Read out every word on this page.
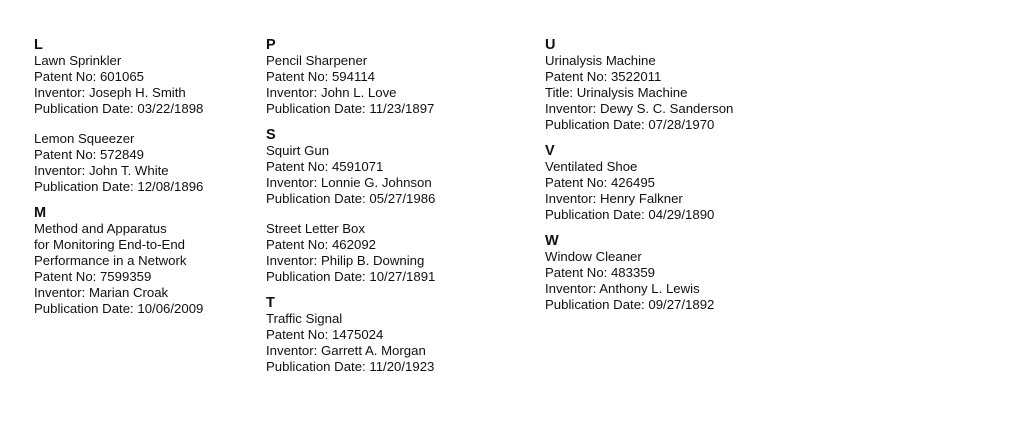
L
Lawn Sprinkler
Patent No: 601065
Inventor: Joseph H. Smith
Publication Date: 03/22/1898
Lemon Squeezer
Patent No: 572849
Inventor: John T. White
Publication Date: 12/08/1896
M
Method and Apparatus
for Monitoring End-to-End
Performance in a Network
Patent No: 7599359
Inventor: Marian Croak
Publication Date: 10/06/2009
P
Pencil Sharpener
Patent No: 594114
Inventor: John L. Love
Publication Date: 11/23/1897
S
Squirt Gun
Patent No: 4591071
Inventor: Lonnie G. Johnson
Publication Date: 05/27/1986
Street Letter Box
Patent No: 462092
Inventor: Philip B. Downing
Publication Date: 10/27/1891
T
Traffic Signal
Patent No: 1475024
Inventor: Garrett A. Morgan
Publication Date: 11/20/1923
U
Urinalysis Machine
Patent No: 3522011
Title: Urinalysis Machine
Inventor: Dewy S. C. Sanderson
Publication Date: 07/28/1970
V
Ventilated Shoe
Patent No: 426495
Inventor: Henry Falkner
Publication Date: 04/29/1890
W
Window Cleaner
Patent No: 483359
Inventor: Anthony L. Lewis
Publication Date: 09/27/1892
